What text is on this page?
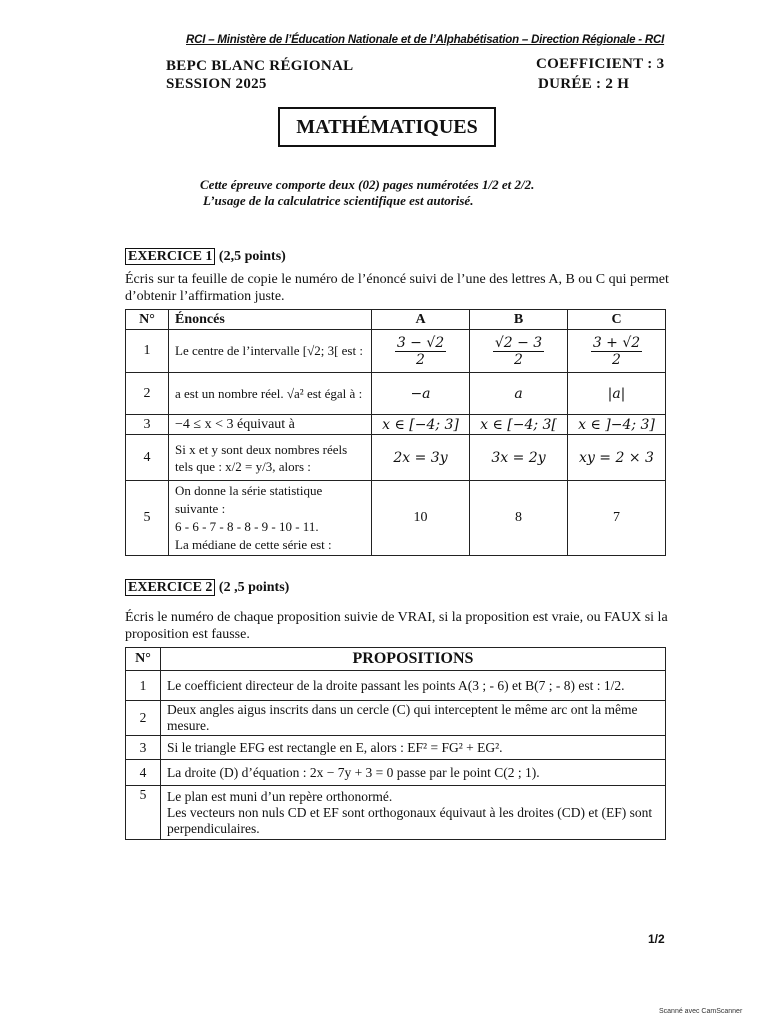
RCI – Ministère de l’Éducation Nationale et de l’Alphabétisation – Direction Régionale - RCI
BEPC BLANC RÉGIONAL
SESSION 2025
COEFFICIENT : 3
DURÉE : 2 H
MATHÉMATIQUES
Cette épreuve comporte deux (02) pages numérotées 1/2 et 2/2.
L’usage de la calculatrice scientifique est autorisé.
EXERCICE 1 (2,5 points)
Écris sur ta feuille de copie le numéro de l’énoncé suivi de l’une des lettres A, B ou C qui permet d’obtenir l’affirmation juste.
N°	Énoncés	A	B	C
1	Le centre de l’intervalle [√2; 3[ est :	$\frac{3 - √2}{2}$	$\frac{√2 - 3}{2}$	$\frac{3 + √2}{2}$

2	a est un nombre réel. √a² est égal à :	−a	a	|a|
3	−4 ≤ x < 3 équivaut à	x ∈ [−4; 3]	x ∈ [−4; 3[	x ∈ ]−4; 3]
4	Si x et y sont deux nombres réels
tels que : x/2 = y/3, alors :	2x = 3y	3x = 2y	xy = 2 × 3
5	On donne la série statistique
suivante :
6 - 6 - 7 - 8 - 8 - 9 - 10 - 11.
La médiane de cette série est :	10	8	7
EXERCICE 2 (2 ,5 points)
Écris le numéro de chaque proposition suivie de VRAI, si la proposition est vraie, ou FAUX si la proposition est fausse.
N°	PROPOSITIONS
1	Le coefficient directeur de la droite passant les points A(3 ; - 6) et B(7 ; - 8) est : 1/2.
2	Deux angles aigus inscrits dans un cercle (C) qui interceptent le même arc ont la même mesure.
3	Si le triangle EFG est rectangle en E, alors : EF² = FG² + EG².
4	La droite (D) d’équation : 2x − 7y + 3 = 0 passe par le point C(2 ; 1).
5	Le plan est muni d’un repère orthonormé.
Les vecteurs non nuls CD et EF sont orthogonaux équivaut à les droites (CD) et (EF) sont perpendiculaires.
1/2
Scanné avec CamScanner
